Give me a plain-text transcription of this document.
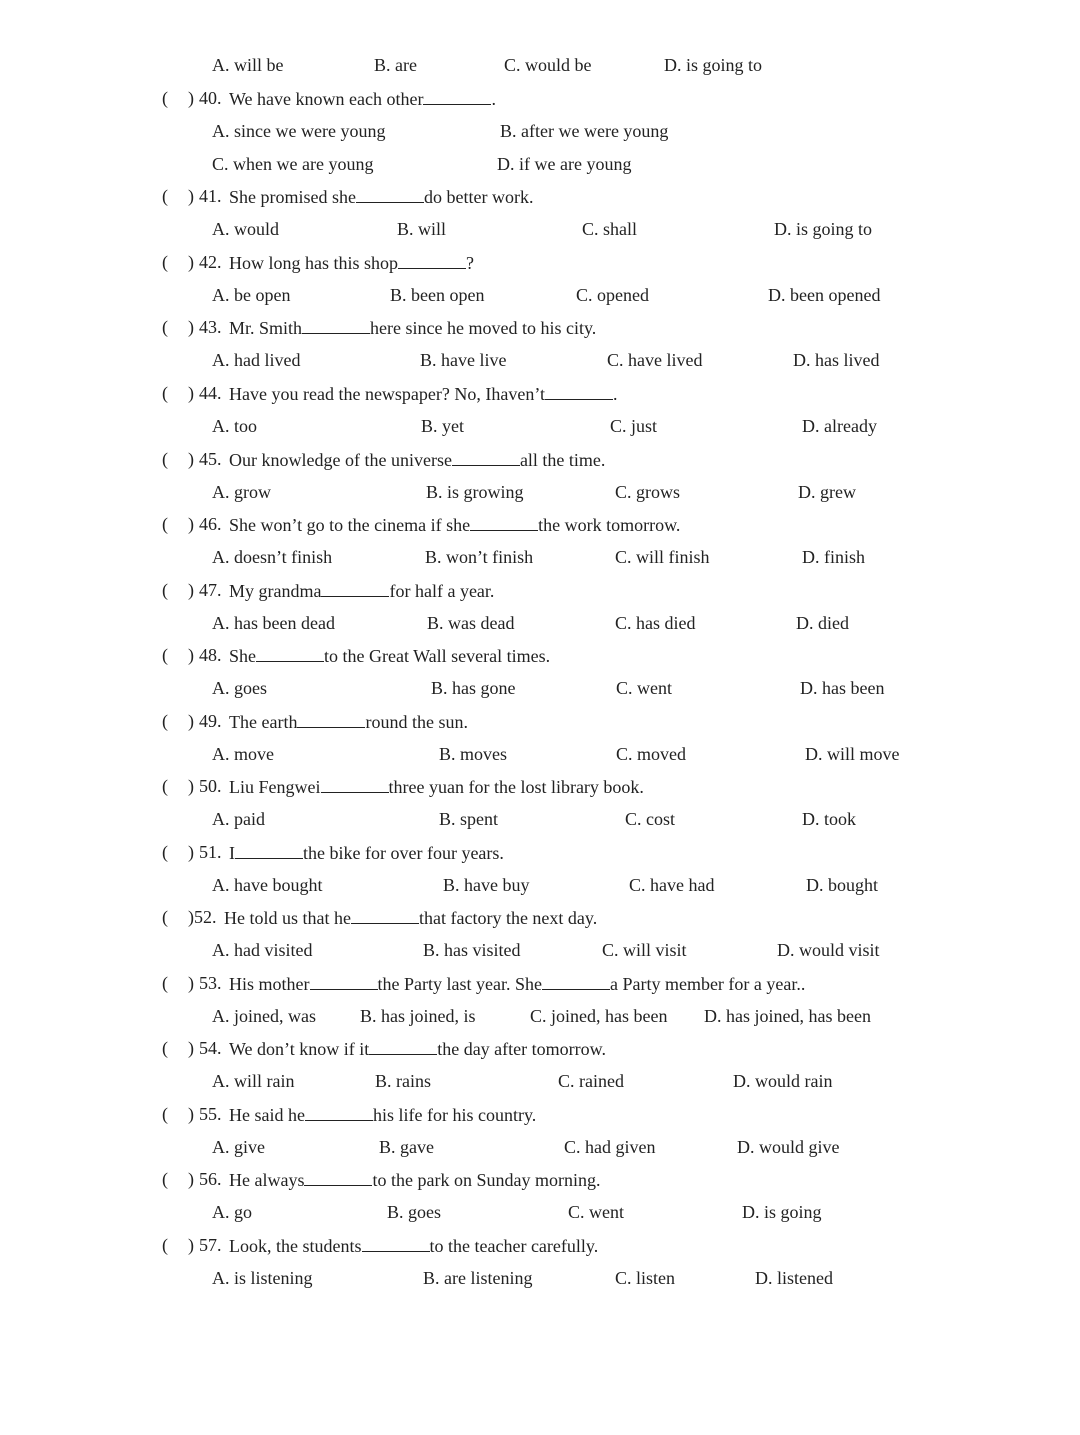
A. will be	B. are	C. would be	D. is going to
( ) 40. We have known each other	.
A. since we were young	B. after we were young
C. when we are young	D. if we are young
( ) 41. She promised she	do better work.
A. would	B. will	C. shall	D. is going to
( ) 42. How long has this shop	?
A. be open	B. been open	C. opened	D. been opened
( ) 43. Mr. Smith	here since he moved to his city.
A. had lived	B. have live	C. have lived	D. has lived
( ) 44. Have you read the newspaper? No, Ihaven’t	.
A. too	B. yet	C. just	D. already
( ) 45. Our knowledge of the universe	all the time.
A. grow	B. is growing	C. grows	D. grew
( ) 46. She won’t go to the cinema if she	the work tomorrow.
A. doesn’t finish	B. won’t finish	C. will finish	D. finish
( ) 47. My grandma	for half a year.
A. has been dead	B. was dead	C. has died	D. died
( ) 48. She	to the Great Wall several times.
A. goes	B. has gone	C. went	D. has been
( ) 49. The earth	round the sun.
A. move	B. moves	C. moved	D. will move
( ) 50. Liu Fengwei	three yuan for the lost library book.
A. paid	B. spent	C. cost	D. took
( ) 51. I	the bike for over four years.
A. have bought	B. have buy	C. have had	D. bought
( )52. He told us that he	that factory the next day.
A. had visited	B. has visited	C. will visit	D. would visit
( ) 53. His mother	the Party last year. She	a Party member for a year..
A. joined, was B. has joined, is	C. joined, has been D. has joined, has been
( ) 54. We don’t know if it	the day after tomorrow.
A. will rain	B. rains	C. rained	D. would rain
( ) 55. He said he	his life for his country.
A. give	B. gave	C. had given	D. would give
( ) 56. He always	to the park on Sunday morning.
A. go	B. goes	C. went	D. is going
( ) 57. Look, the students	to the teacher carefully.
A. is listening	B. are listening	C. listen	D. listened
